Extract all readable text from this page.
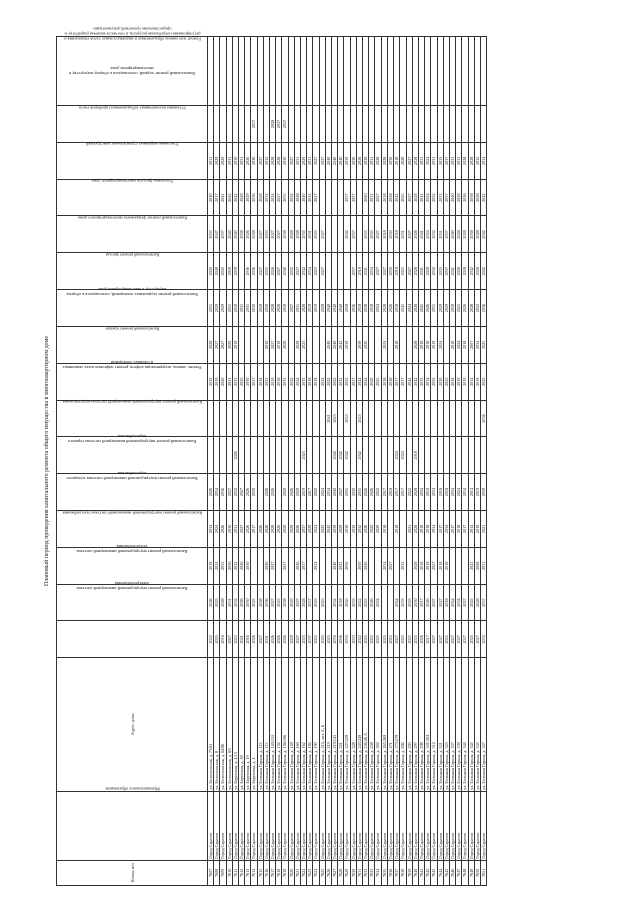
Плановый период проведения капитального ремонта общего имущества в многоквартирном доме
Номер п/п	Муниципальное образование	Адрес дома	Капитальный ремонт внутридомовой инженерной системы электроснабжения	Капитальный ремонт внутридомовой инженерной системы теплоснабжения	Капитальный ремонт внутридомовой инженерной системы газоснабжения	Капитальный ремонт внутридомовой инженерной системы холодного водоснабжения	Капитальный ремонт внутридомовой инженерной системы горячего водоснабжения	Капитальный ремонт внутридомовой инженерной системы водоотведения	Ремонт, замена, модернизация лифтов, ремонт лифтовых шахт, машинных и блочных помещений	Капитальный ремонт крыши	Капитальный ремонт подвальных помещений, относящихся к общему имуществу в многоквартирном доме	Капитальный ремонт фасада	Капитальный ремонт фундамента многоквартирного дома	Утепление фасадов многоквартирного дома	Утепление наружных строительных конструкций	Установка коллективных (общедомовых) приборов учета	Капитальный ремонт лоджий, относящихся к общему имуществу в многоквартирном доме	Ремонт или замена общедомовых и индивидуальных узлов управления и регулирования потребления ресурсов, в том числе включая разработку и предоставление проектной документации
7607	Город Саратов	ул. Белоглинская, д. 75/81	2022	2026	2018	2034	2026			2032	2028	2031	2045	2035	2040	2031		
7608	Город Саратов	ул. Белоглинская, д. 8	2025	2025	2024	2024	2034			2019	2027	2029	2049	2047	2037	2029		
7609	Город Саратов	ул. Белоглинская, д. 84/86	2016	2028	2035	2026	2036			2020	2027	2029	2045	2037	2041	2029		
7610	Город Саратов	ул. Белоглинская, д. 8А	2027	2031	2036	2030	2027			2021	2029	2031	2050	2042	2042	2031		
7611	Город Саратов	ул. Березовая, д. 4/13	2023	2032	2032	2031	2032	2026		2033	2019	2030	2039	2040	2042	2030		
7612	Город Саратов	ул. Березовая, д. 18	2021	2026	2026	2027	2027			2025		2031		2038	2028	2031		
7613	Город Саратов	ул. Березовая, д. 19	2016	2030	2030	2026	2026			2030		2031	2036	2026	2029	2026		
7614	Город Саратов	ул. Березовая, д. 4	2026	2025		2017	2030			2017		2030	2036	2038	2036	2036	2037	
7615	Город Саратов	ул. Большая Горная, д. 113	2027	2028		2026				2018		2028	2027	2027	2028	2027		
7616	Город Саратов	ул. Большая Горная, д. 115	2031	2036	2026	2026	2026			2023	2030	2030	2035	2033	2032	2032		
7617	Город Саратов	ул. Большая Горная, д. 145/155	2026	2027	2027	2028	2026			2019	2027	2028	2026	2027	2024	2028	2028	
7618	Город Саратов	ул. Большая Горная, д. 152	2026	2025		2026				2018	2019	2028	2027	2027	2027	2028	2037	
7619	Город Саратов	ул. Большая Горная, д. 156/166	2026	2028	2027	2020	2020			2033	2028	2030	2040	2038	2035	2030	2037	
7620	Город Саратов	ул. Большая Горная, д. 159	2029	2029		2029	2026			2022		2027	2032	2028	2032	2027		
7621	Город Саратов	ул. Большая Горная, д. 160	2027	2027	2026	2026	2029			2024	2028	2031	2027	2028	2028	2031		
7622	Город Саратов	ул. Большая Горная, д. 162	2025	2028	2037	2037	2019	2023		2033	2023	2028	2042	2035	2040	2029		
7623	Город Саратов	ул. Большая Горная, д. 184	2037	2037		2028	2017			2018		2019	2034	2031	2032	2031		
7624	Город Саратов	ул. Большая Горная, д. 190	2025	2025	2024	2024	2020			2018		2019	2023	2023	2027	2027		
7625	Город Саратов	ул. Большая Горная, д. 214, лит. А, Б	2025	2025		2025	2024			2024		2029	2027	2027		2027		
7626	Город Саратов	ул. Большая Горная, д. 219	2025			2042	2034		2041	2022	2040	2040				2040		
7627	Город Саратов	ул. Большая Горная, д. 219/143	2030	2032	2040	2039	2040	2040	2023	2022	2040	2040				2040		
7628	Город Саратов	ул. Большая Горная, д. 221	2036	2018	2023	2029	2027	2042		2032	2042	2040				2040		
7629	Город Саратов	ул. Большая Горная, д. 227/229	2033	2045	2030	2030	2031	2042	2025	2023	2039	2039		2042	2037	2039		
7630	Город Саратов	ул. Большая Горная, д. 228	2033	2033		2030	2030			2017		2036	2037	2037	2037	2036		
7631	Город Саратов	ул. Большая Горная, д. 245/249	2022	2022	2030	2032	2035	2042	2025	2024	2039	2018	2018			2028		
7632	Город Саратов	ул. Большая Горная, д. 256/26 А	2025	2025	2026	2026	2026			2024	2026	2038	2041	2035	2040	2038		
7633	Город Саратов	ул. Большая Горная, д. 258	2025	2026		2022	2026			2020		2018	2034	2033	2031	2031		
7634	Город Саратов	ул. Большая Горная, д. 262	2025	2024		2020	2022			2025		2024	2027	2027	2027	2028		
7635	Город Саратов	ул. Большая Горная, д. 265/269	2025		2034	2018	2017			2018	2024	2028	2027	2018	2018	2028		
7636	Город Саратов	ул. Большая Горная, д. 271	2025		2027		2018			2018		2026	2030	2030	2028	2030		
7637	Город Саратов	ул. Большая Горная, д. 273/279	2027	2024		2018	2017	2024		2017	2018	2018	2018	2018	2042	2018		
7638	Город Саратов	ул. Большая Горная, д. 282	2025	2033	2032		2017	2024		2017		2041	2025	2031	2025	2028		
7639	Город Саратов	ул. Большая Горная, д. 293	2025	2025		2021	2022			2042		2024	2027	2027	2027	2027		
7640	Город Саратов	ул. Большая Горная, д. 297	2025	2030	2028	2028	2028	2018		2042	2028	2028	2028	2028	2028	2028		
7641	Город Саратов	ул. Большая Горная, д. 298	2026	2017	2018	2018	2034			2033	2018	2041	2041	2041	2041	2031		
7642	Город Саратов	ул. Большая Горная, д. 301/304	2017	2026	2018	2018	2018			2034	2018	2026	2028	2024	2024	2024		
7643	Город Саратов	ул. Большая Горная, д. 314	2027	2027	2027	2034	2034			2035	2019	2031	2032	2032	2032	2031		
7644	Город Саратов	ул. Большая Горная, д. 321	2027	2027	2018	2017	2018			2030	2024	2029	2033	2031	2033	2033		
7645	Город Саратов	ул. Большая Горная, д. 325	2025	2018	2018	2034	2018			2025		2029	2037	2037	2037	2037		
7646	Город Саратов	ул. Большая Горная, д. 337	2027	2024		2017	2034			2018	2018	2030	2041	2040	2040	2031		
7647	Город Саратов	ул. Большая Горная, д. 339	2027	2034		2018	2024			2019	2024	2021	2026	2028	2028	2031		
7648	Город Саратов	ул. Большая Горная, д. 344	2027	2027		2017	2034			2019	2018	2026	2028	2028	2026	2028		
7649	Город Саратов	ул. Большая Горная, д. 345	2025	2025	2025	2014	2014			2014	2007	2028	2042	2038	2038	2028		
7650	Город Саратов	ул. Большая Горная, д. 345	2027	2028	2028	2019	2019			2019	2034	2032	2028	2028	2028	2032		
7651	Город Саратов	ул. Большая Горная, д. 357	2033	2037	2031	2021	2039		2036	2025	2025	2036	2042	2042	2042	2034		
